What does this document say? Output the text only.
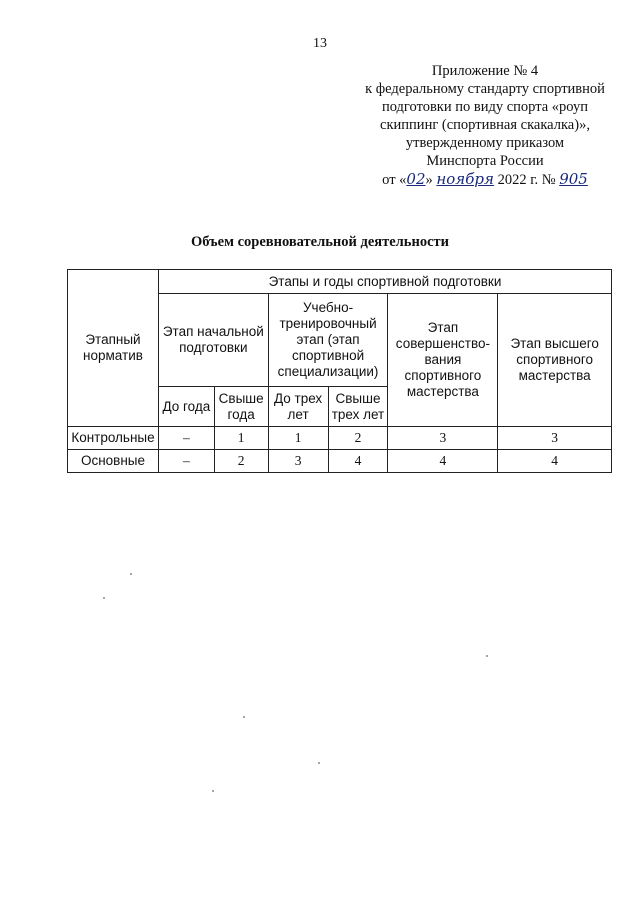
13
Приложение № 4
к федеральному стандарту спортивной
подготовки по виду спорта «роуп
скиппинг (спортивная скакалка)»,
утвержденному приказом
Минспорта России
от «02» ноября 2022 г. № 905
Объем соревновательной деятельности
Этапный норматив	Этапы и годы спортивной подготовки					
	Этап начальной подготовки		Учебно-тренировочный этап (этап спортивной специализации)		Этап совершенство-вания спортивного мастерства	Этап высшего спортивного мастерства
	До года	Свыше года	До трех лет	Свыше трех лет		
Контрольные	–	1	1	2	3	3
Основные	–	2	3	4	4	4
